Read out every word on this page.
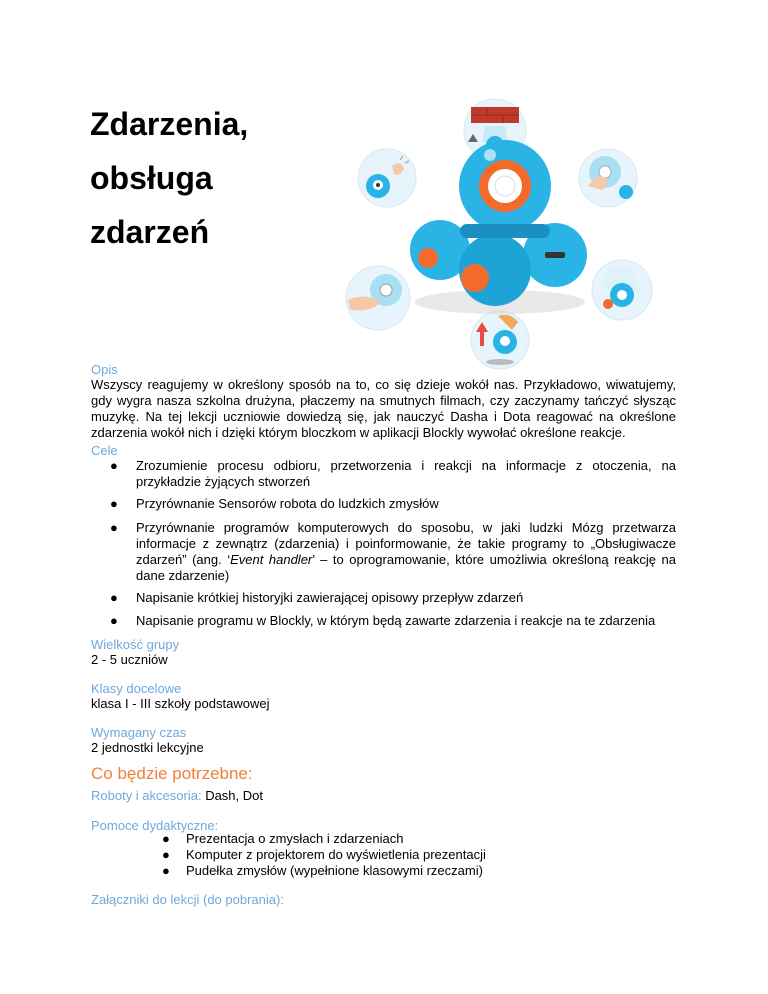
Zdarzenia,
obsługa
zdarzeń
Opis
Wszyscy reagujemy w określony sposób na to, co się dzieje wokół nas. Przykładowo, wiwatujemy, gdy wygra nasza szkolna drużyna, płaczemy na smutnych filmach, czy zaczynamy tańczyć słysząc muzykę. Na tej lekcji uczniowie dowiedzą się, jak nauczyć Dasha i Dota reagować na określone zdarzenia wokół nich i dzięki którym bloczkom w aplikacji Blockly wywołać określone reakcje.
Cele
● Zrozumienie procesu odbioru, przetworzenia i reakcji na informacje z otoczenia, na przykładzie żyjących stworzeń
● Przyrównanie Sensorów robota do ludzkich zmysłów
● Przyrównanie programów komputerowych do sposobu, w jaki ludzki Mózg przetwarza informacje z zewnątrz (zdarzenia) i poinformowanie, że takie programy to „Obsługiwacze zdarzeń” (ang. ‘Event handler’ – to oprogramowanie, które umożliwia określoną reakcję na dane zdarzenie)
● Napisanie krótkiej historyjki zawierającej opisowy przepływ zdarzeń
● Napisanie programu w Blockly, w którym będą zawarte zdarzenia i reakcje na te zdarzenia
Wielkość grupy
2 - 5 uczniów
Klasy docelowe
klasa I - III szkoły podstawowej
Wymagany czas
2 jednostki lekcyjne
Co będzie potrzebne:
Roboty i akcesoria: Dash, Dot
Pomoce dydaktyczne:
● Prezentacja o zmysłach i zdarzeniach
● Komputer z projektorem do wyświetlenia prezentacji
● Pudełka zmysłów (wypełnione klasowymi rzeczami)
Załączniki do lekcji (do pobrania):
